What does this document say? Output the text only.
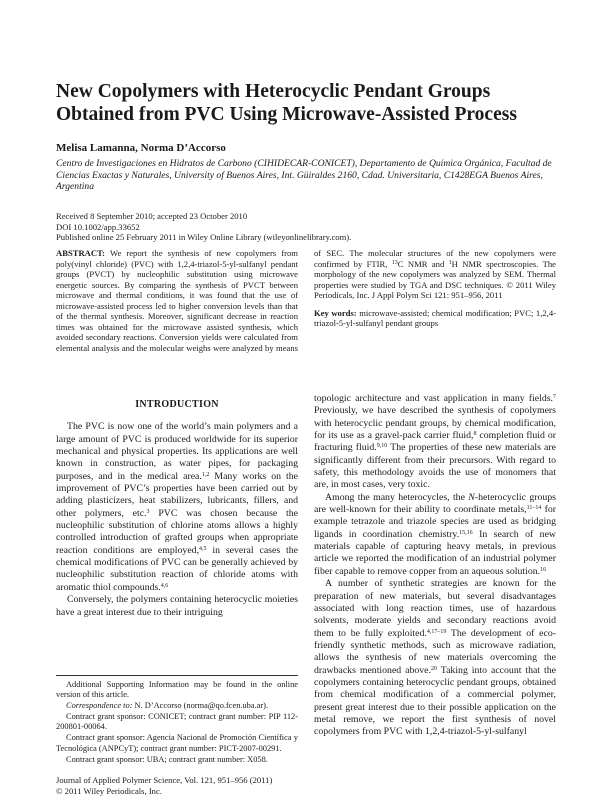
New Copolymers with Heterocyclic Pendant Groups Obtained from PVC Using Microwave-Assisted Process
Melisa Lamanna, Norma D’Accorso
Centro de Investigaciones en Hidratos de Carbono (CIHIDECAR-CONICET), Departamento de Química Orgánica, Facultad de Ciencias Exactas y Naturales, University of Buenos Aires, Int. Güiraldes 2160, Cdad. Universitaria, C1428EGA Buenos Aires, Argentina
Received 8 September 2010; accepted 23 October 2010
DOI 10.1002/app.33652
Published online 25 February 2011 in Wiley Online Library (wileyonlinelibrary.com).

ABSTRACT: We report the synthesis of new copolymers from poly(vinyl chloride) (PVC) with 1,2,4-triazol-5-yl-sulfanyl pendant groups (PVCT) by nucleophilic substitution using microwave energetic sources. By comparing the synthesis of PVCT between microwave and thermal conditions, it was found that the use of microwave-assisted process led to higher conversion levels than that of the thermal synthesis. Moreover, significant decrease in reaction times was obtained for the microwave assisted synthesis, which avoided secondary reactions. Conversion yields were calculated from elemental analysis and the molecular weighs were analyzed by means of SEC. The molecular structures of the new copolymers were confirmed by FTIR, $^{13}$C NMR and $^1$H NMR spectroscopies. The morphology of the new copolymers was analyzed by SEM. Thermal properties were studied by TGA and DSC techniques. © 2011 Wiley Periodicals, Inc. J Appl Polym Sci 121: 951–956, 2011

Key words: microwave-assisted; chemical modification; PVC; 1,2,4-triazol-5-yl-sulfanyl pendant groups

INTRODUCTION

The PVC is now one of the world’s main polymers and a large amount of PVC is produced worldwide for its superior mechanical and physical properties. Its applications are well known in construction, as water pipes, for packaging purposes, and in the medical area.$^{1,2}$ Many works on the improvement of PVC’s properties have been carried out by adding plasticizers, heat stabilizers, lubricants, fillers, and other polymers, etc.$^3$ PVC was chosen because the nucleophilic substitution of chlorine atoms allows a highly controlled introduction of grafted groups when appropriate reaction conditions are employed,$^{4,5}$ in several cases the chemical modifications of PVC can be generally achieved by nucleophilic substitution reaction of chloride atoms with aromatic thiol compounds.$^{4,6}$

Conversely, the polymers containing heterocyclic moieties have a great interest due to their intriguing

topologic architecture and vast application in many fields.$^7$ Previously, we have described the synthesis of copolymers with heterocyclic pendant groups, by chemical modification, for its use as a gravel-pack carrier fluid,$^8$ completion fluid or fracturing fluid.$^{9,10}$ The properties of these new materials are significantly different from their precursors. With regard to safety, this methodology avoids the use of monomers that are, in most cases, very toxic.

Among the many heterocycles, the N-heterocyclic groups are well-known for their ability to coordinate metals,$^{11-14}$ for example tetrazole and triazole species are used as bridging ligands in coordination chemistry.$^{15,16}$ In search of new materials capable of capturing heavy metals, in previous article we reported the modification of an industrial polymer fiber capable to remove copper from an aqueous solution.$^{16}$

A number of synthetic strategies are known for the preparation of new materials, but several disadvantages associated with long reaction times, use of hazardous solvents, moderate yields and secondary reactions avoid them to be fully exploited.$^{4,17-19}$ The development of eco-friendly synthetic methods, such as microwave radiation, allows the synthesis of new materials overcoming the drawbacks mentioned above.$^{20}$ Taking into account that the copolymers containing heterocyclic pendant groups, obtained from chemical modification of a commercial polymer, present great interest due to their possible application on the metal remove, we report the first synthesis of novel copolymers from PVC with 1,2,4-triazol-5-yl-sulfanyl

Additional Supporting Information may be found in the online version of this article.

Correspondence to: N. D’Accorso (norma@qo.fcen.uba.ar).

Contract grant sponsor: CONICET; contract grant number: PIP 112-200801-00064.

Contract grant sponsor: Agencia Nacional de Promoción Científica y Tecnológica (ANPCyT); contract grant number: PICT-2007-00291.

Contract grant sponsor: UBA; contract grant number: X058.

Journal of Applied Polymer Science, Vol. 121, 951–956 (2011)
© 2011 Wiley Periodicals, Inc.
